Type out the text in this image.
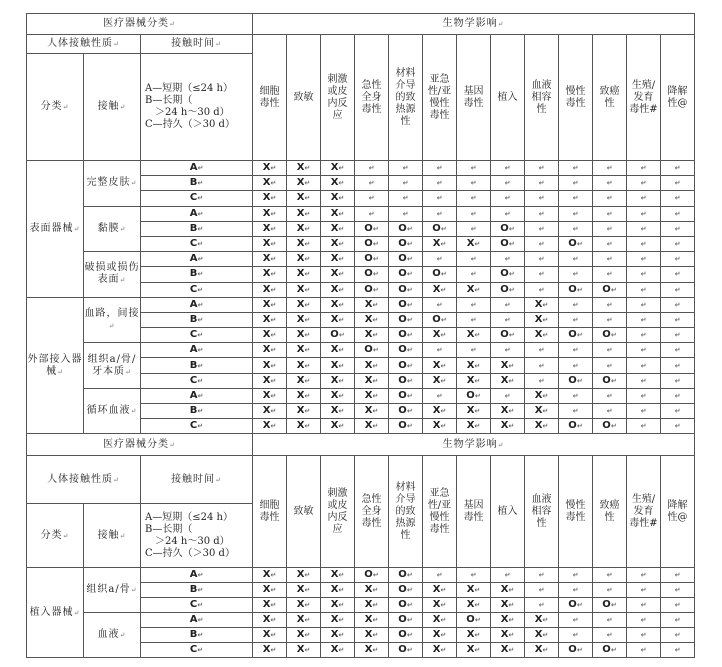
医疗器械分类↵			生物学影响↵												
人体接触性质↵		接触时间↵	细胞毒性	致敏	刺激或皮内反应	急性全身毒性	材料介导的致热源性	亚急性/亚慢性毒性	基因毒性	植入	血液相容性	慢性毒性	致癌性	生殖/发育毒性#	降解性@

分类↵	接触↵	A—短期（≤24 h）
B—长期（
＞24 h～30 d）
C—持久（＞30 d）													

表面器械↵	完整皮肤↵	A↵	X↵	X↵	X↵	↵	↵	↵	↵	↵	↵	↵	↵	↵	↵
		B↵	X↵	X↵	X↵	↵	↵	↵	↵	↵	↵	↵	↵	↵	↵
		C↵	X↵	X↵	X↵	↵	↵	↵	↵	↵	↵	↵	↵	↵	↵
	黏膜↵	A↵	X↵	X↵	X↵	↵	↵	↵	↵	↵	↵	↵	↵	↵	↵
		B↵	X↵	X↵	X↵	O↵	O↵	O↵	↵	O↵	↵	↵	↵	↵	↵
		C↵	X↵	X↵	X↵	O↵	O↵	X↵	X↵	O↵	↵	O↵	↵	↵	↵
	破损或损伤表面↵	A↵	X↵	X↵	X↵	O↵	O↵	↵	↵	↵	↵	↵	↵	↵	↵
		B↵	X↵	X↵	X↵	O↵	O↵	O↵	↵	O↵	↵	↵	↵	↵	↵
		C↵	X↵	X↵	X↵	O↵	O↵	X↵	X↵	O↵	↵	O↵	O↵	↵	↵
外部接入器械↵	血路，间接↵	A↵	X↵	X↵	X↵	X↵	O↵	↵	↵	↵	X↵	↵	↵	↵	↵
		B↵	X↵	X↵	X↵	X↵	O↵	O↵	↵	↵	X↵	↵	↵	↵	↵
		C↵	X↵	X↵	O↵	X↵	O↵	X↵	X↵	O↵	X↵	O↵	O↵	↵	↵
	组织a/骨/牙本质↵	A↵	X↵	X↵	X↵	O↵	O↵	↵	↵	↵	↵	↵	↵	↵	↵
		B↵	X↵	X↵	X↵	X↵	O↵	X↵	X↵	X↵	↵	↵	↵	↵	↵
		C↵	X↵	X↵	X↵	X↵	O↵	X↵	X↵	X↵	↵	O↵	O↵	↵	↵
	循环血液↵	A↵	X↵	X↵	X↵	X↵	O↵	↵	O↵	↵	X↵	↵	↵	↵	↵
		B↵	X↵	X↵	X↵	X↵	O↵	X↵	X↵	X↵	X↵	↵	↵	↵	↵
		C↵	X↵	X↵	X↵	X↵	O↵	X↵	X↵	X↵	X↵	O↵	O↵	↵	↵
医疗器械分类↵			生物学影响↵												
人体接触性质↵		接触时间↵	细胞毒性	致敏	刺激或皮内反应	急性全身毒性	材料介导的致热源性	亚急性/亚慢性毒性	基因毒性	植入	血液相容性	慢性毒性	致癌性	生殖/发育毒性#	降解性@

分类↵	接触↵	A—短期（≤24 h）
B—长期（
＞24 h～30 d）
C—持久（＞30 d）													

植入器械↵	组织a/骨↵	A↵	X↵	X↵	X↵	O↵	O↵	↵	↵	↵	↵	↵	↵	↵	↵
		B↵	X↵	X↵	X↵	X↵	O↵	X↵	X↵	X↵	↵	↵	↵	↵	↵
		C↵	X↵	X↵	X↵	X↵	O↵	X↵	X↵	X↵	↵	O↵	O↵	↵	↵
	血液↵	A↵	X↵	X↵	X↵	X↵	O↵	X↵	O↵	X↵	X↵	↵	↵	↵	↵
		B↵	X↵	X↵	X↵	X↵	O↵	X↵	X↵	X↵	X↵	↵	↵	↵	↵
		C↵	X↵	X↵	X↵	X↵	O↵	X↵	X↵	X↵	X↵	O↵	O↵	↵	↵
